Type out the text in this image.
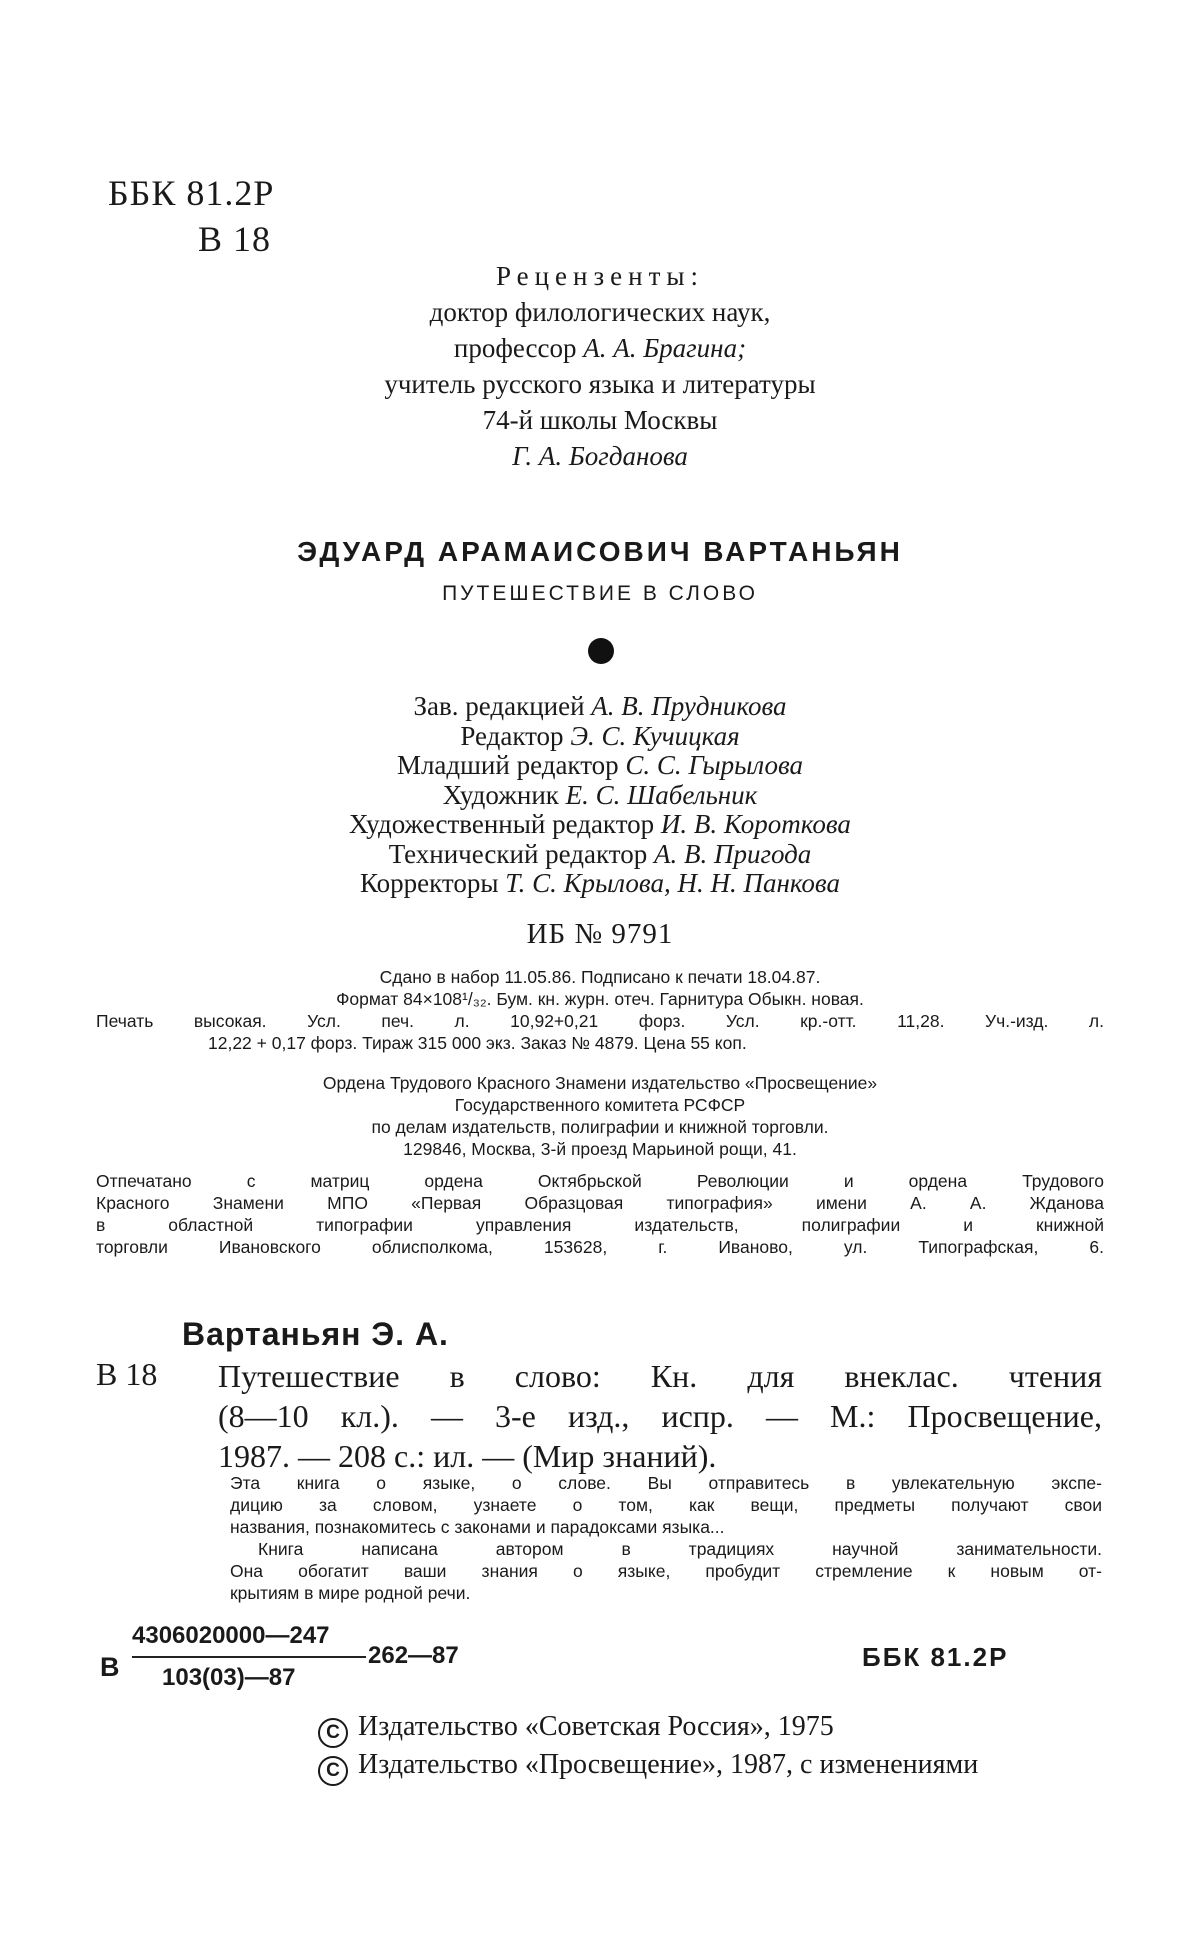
ББК 81.2Р
В 18
Рецензенты:
доктор филологических наук,
профессор А. А. Брагина;
учитель русского языка и литературы
74-й школы Москвы
Г. А. Богданова
ЭДУАРД АРАМАИСОВИЧ ВАРТАНЬЯН
ПУТЕШЕСТВИЕ В СЛОВО
Зав. редакцией А. В. Прудникова
Редактор Э. С. Кучицкая
Младший редактор С. С. Гырылова
Художник Е. С. Шабельник
Художественный редактор И. В. Короткова
Технический редактор А. В. Пригода
Корректоры Т. С. Крылова, Н. Н. Панкова
ИБ № 9791
Сдано в набор 11.05.86. Подписано к печати 18.04.87.
Формат 84×108¹/₃₂. Бум. кн. журн. отеч. Гарнитура Обыкн. новая.
Печать высокая. Усл. печ. л. 10,92+0,21 форз. Усл. кр.-отт. 11,28. Уч.-изд. л.
12,22 + 0,17 форз. Тираж 315 000 экз. Заказ № 4879. Цена 55 коп.
Ордена Трудового Красного Знамени издательство «Просвещение»
Государственного комитета РСФСР
по делам издательств, полиграфии и книжной торговли.
129846, Москва, 3-й проезд Марьиной рощи, 41.
Отпечатано с матриц ордена Октябрьской Революции и ордена Трудового
Красного Знамени МПО «Первая Образцовая типография» имени А. А. Жданова
в областной типографии управления издательств, полиграфии и книжной
торговли Ивановского облисполкома, 153628, г. Иваново, ул. Типографская, 6.
Вартаньян Э. А.
В 18 Путешествие в слово: Кн. для внеклас. чтения
(8—10 кл.). — 3-е изд., испр. — М.: Просвещение,
1987. — 208 с.: ил. — (Мир знаний).
Эта книга о языке, о слове. Вы отправитесь в увлекательную экспе-
дицию за словом, узнаете о том, как вещи, предметы получают свои
названия, познакомитесь с законами и парадоксами языка...
Книга написана автором в традициях научной занимательности.
Она обогатит ваши знания о языке, пробудит стремление к новым от-
крытиям в мире родной речи.
В
4306020000—247
103(03)—87
262—87	ББК 81.2Р
С Издательство «Советская Россия», 1975
С Издательство «Просвещение», 1987, с изменениями
